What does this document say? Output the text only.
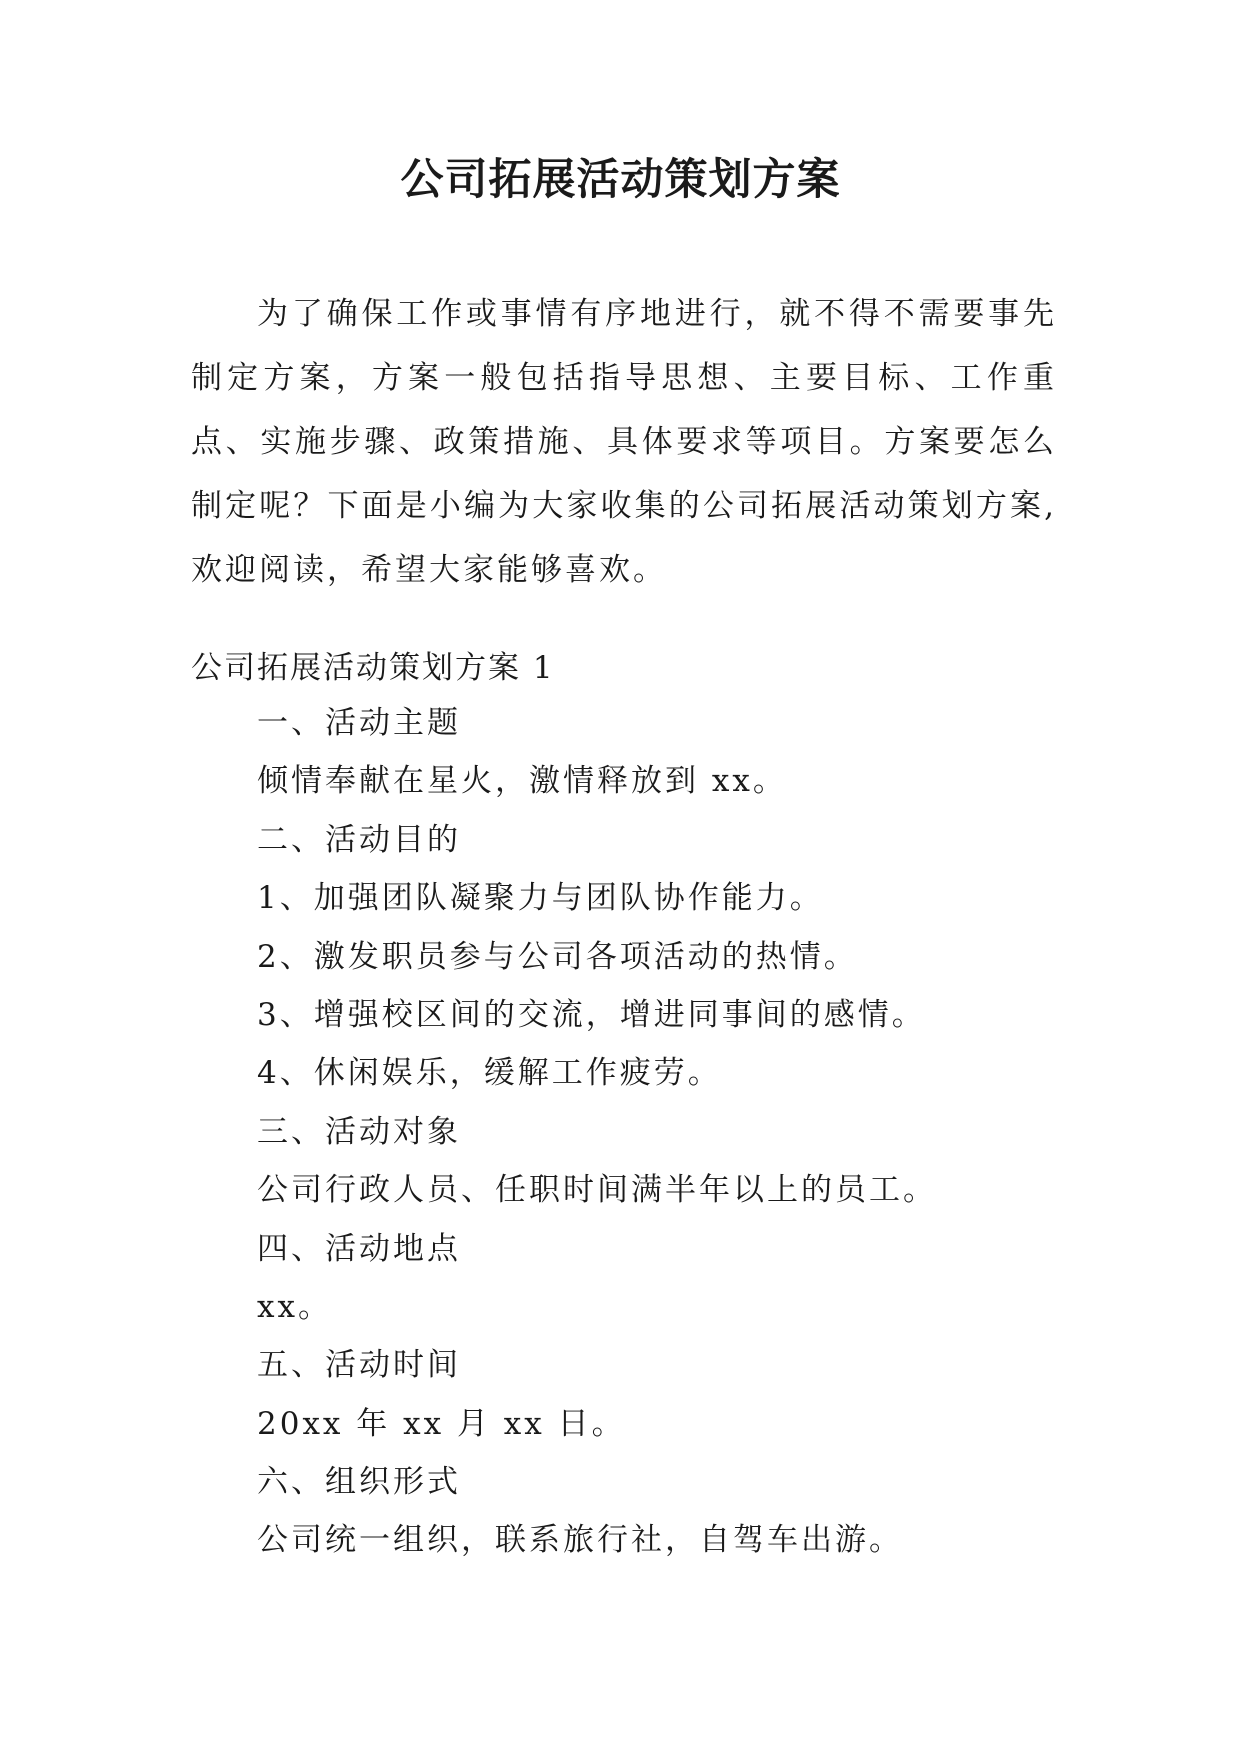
公司拓展活动策划方案

为了确保工作或事情有序地进行，就不得不需要事先制定方案，方案一般包括指导思想、主要目标、工作重点、实施步骤、政策措施、具体要求等项目。方案要怎么制定呢？下面是小编为大家收集的公司拓展活动策划方案,欢迎阅读，希望大家能够喜欢。

公司拓展活动策划方案 1
一、活动主题
倾情奉献在星火，激情释放到 xx。
二、活动目的
1、加强团队凝聚力与团队协作能力。
2、激发职员参与公司各项活动的热情。
3、增强校区间的交流，增进同事间的感情。
4、休闲娱乐，缓解工作疲劳。
三、活动对象
公司行政人员、任职时间满半年以上的员工。
四、活动地点
xx。
五、活动时间
20xx 年 xx 月 xx 日。
六、组织形式
公司统一组织，联系旅行社，自驾车出游。
